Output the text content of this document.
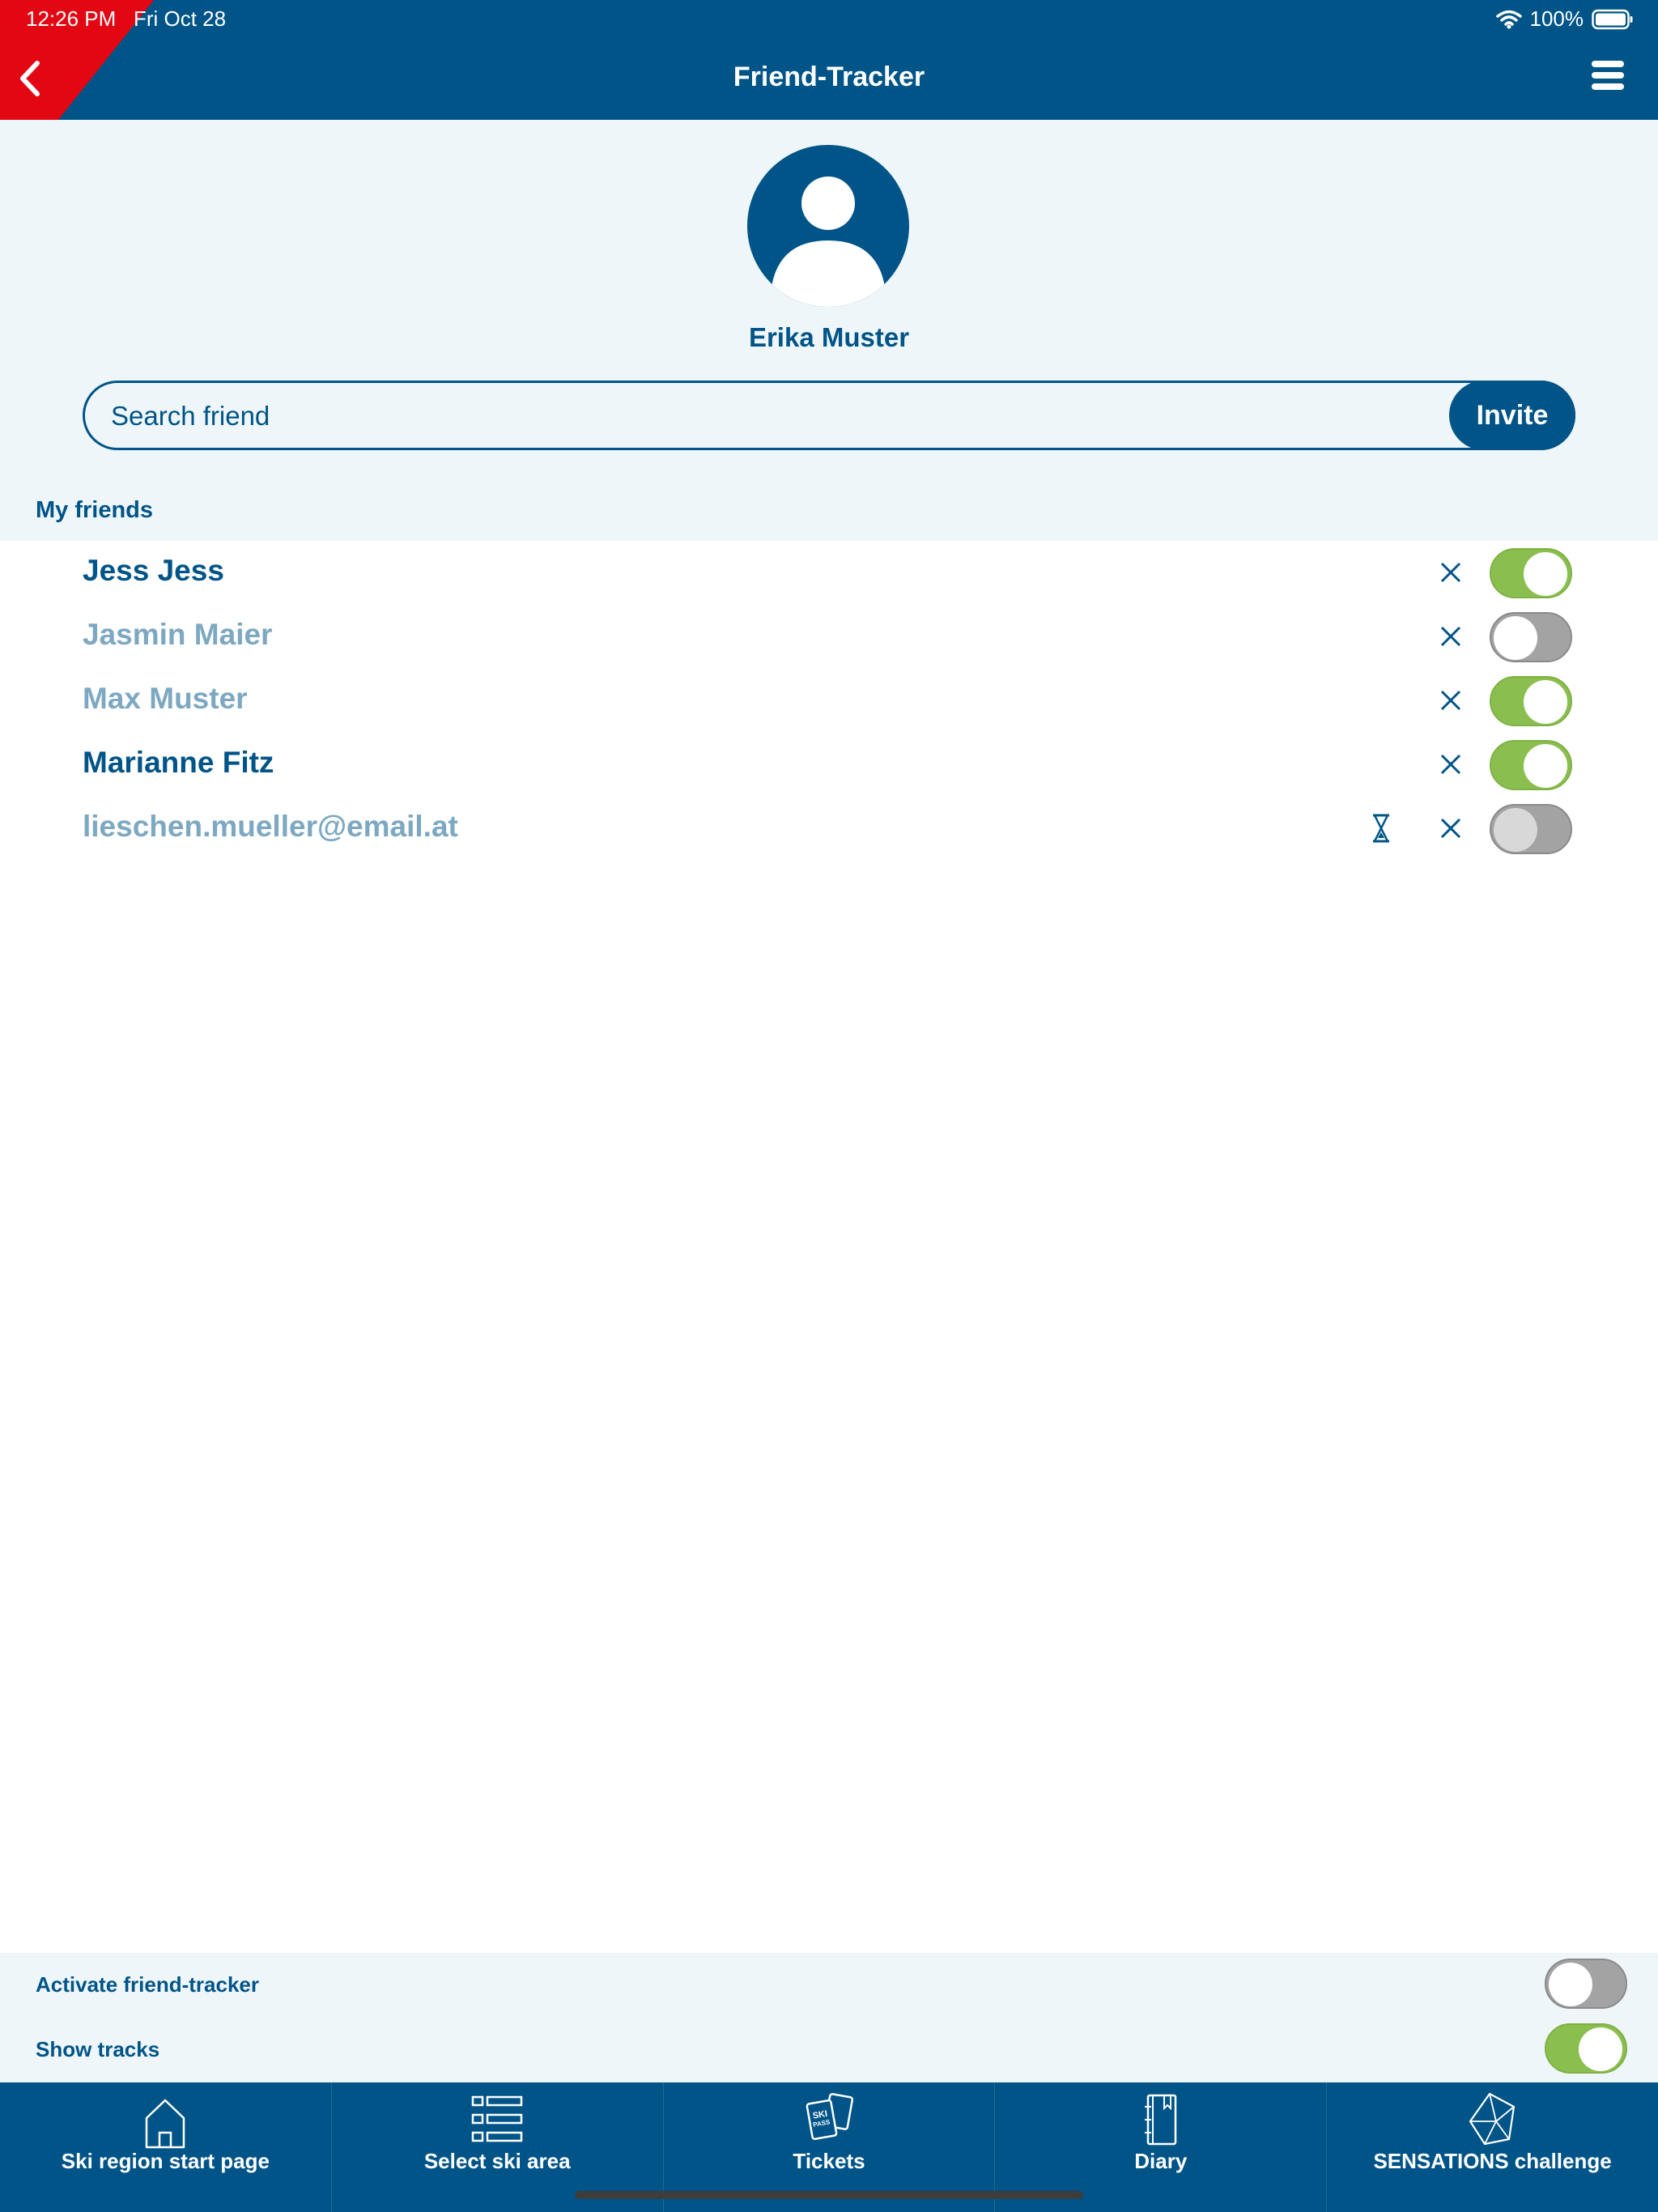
12:26 PM Fri Oct 28	100%
Friend-Tracker
Erika Muster
Search friend
Invite
My friends
Jess Jess
Jasmin Maier
Max Muster
Marianne Fitz
lieschen.mueller@email.at
Activate friend-tracker
Show tracks
Ski region start page	Select ski area
SKI
PASS
Tickets	Diary	SENSATIONS challenge
